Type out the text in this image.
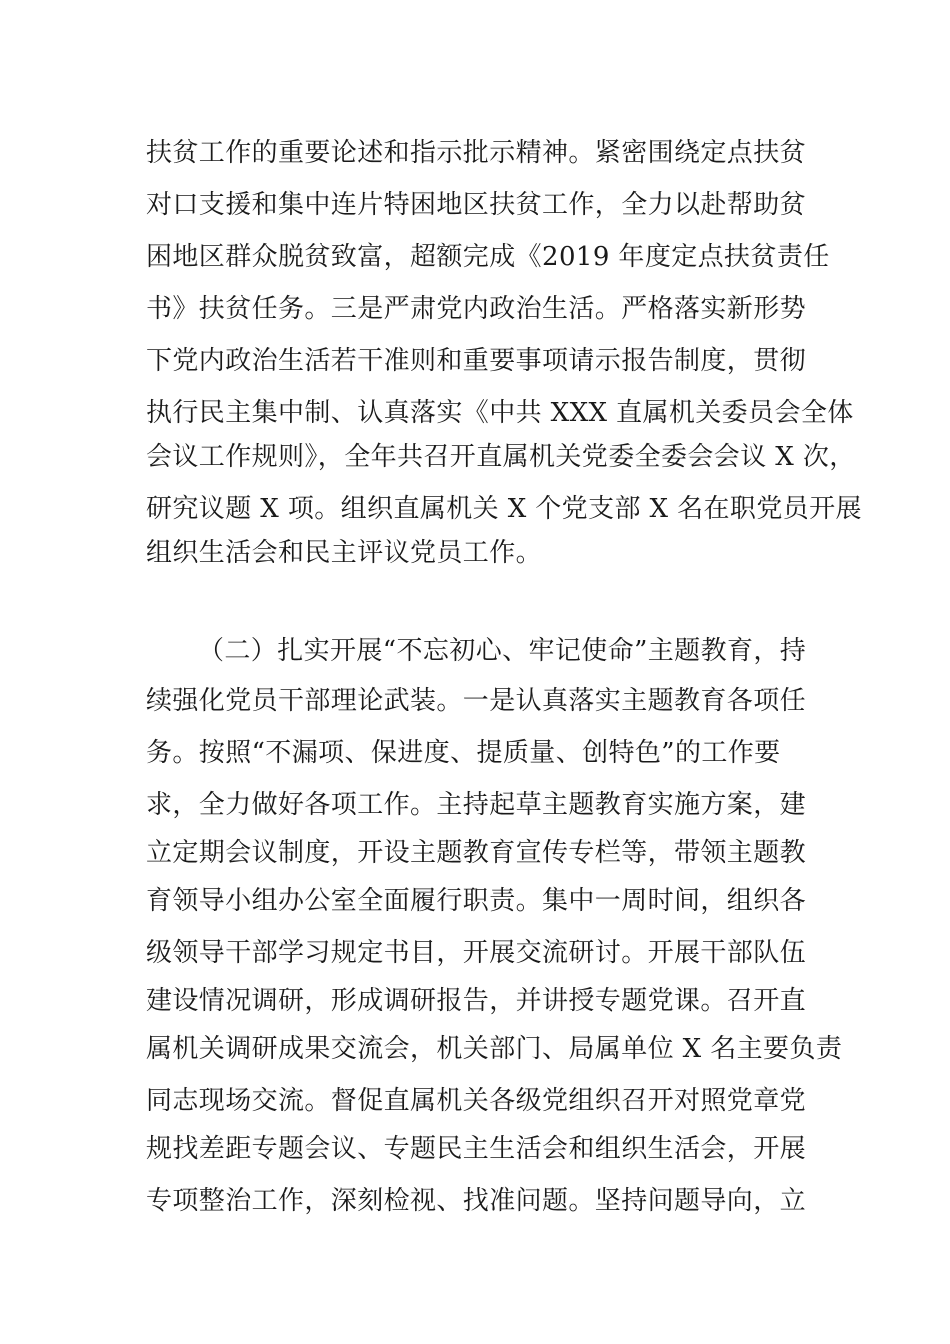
扶贫工作的重要论述和指示批示精神。紧密围绕定点扶贫
对口支援和集中连片特困地区扶贫工作，全力以赴帮助贫
困地区群众脱贫致富，超额完成《2019 年度定点扶贫责任
书》扶贫任务。三是严肃党内政治生活。严格落实新形势
下党内政治生活若干准则和重要事项请示报告制度，贯彻
执行民主集中制、认真落实《中共 XXX 直属机关委员会全体
会议工作规则》，全年共召开直属机关党委全委会会议 X 次，
研究议题 X 项。组织直属机关 X 个党支部 X 名在职党员开展
组织生活会和民主评议党员工作。
（二）扎实开展“不忘初心、牢记使命”主题教育，持
续强化党员干部理论武装。一是认真落实主题教育各项任
务。按照“不漏项、保进度、提质量、创特色”的工作要
求，全力做好各项工作。主持起草主题教育实施方案，建
立定期会议制度，开设主题教育宣传专栏等，带领主题教
育领导小组办公室全面履行职责。集中一周时间，组织各
级领导干部学习规定书目，开展交流研讨。开展干部队伍
建设情况调研，形成调研报告，并讲授专题党课。召开直
属机关调研成果交流会，机关部门、局属单位 X 名主要负责
同志现场交流。督促直属机关各级党组织召开对照党章党
规找差距专题会议、专题民主生活会和组织生活会，开展
专项整治工作，深刻检视、找准问题。坚持问题导向，立
